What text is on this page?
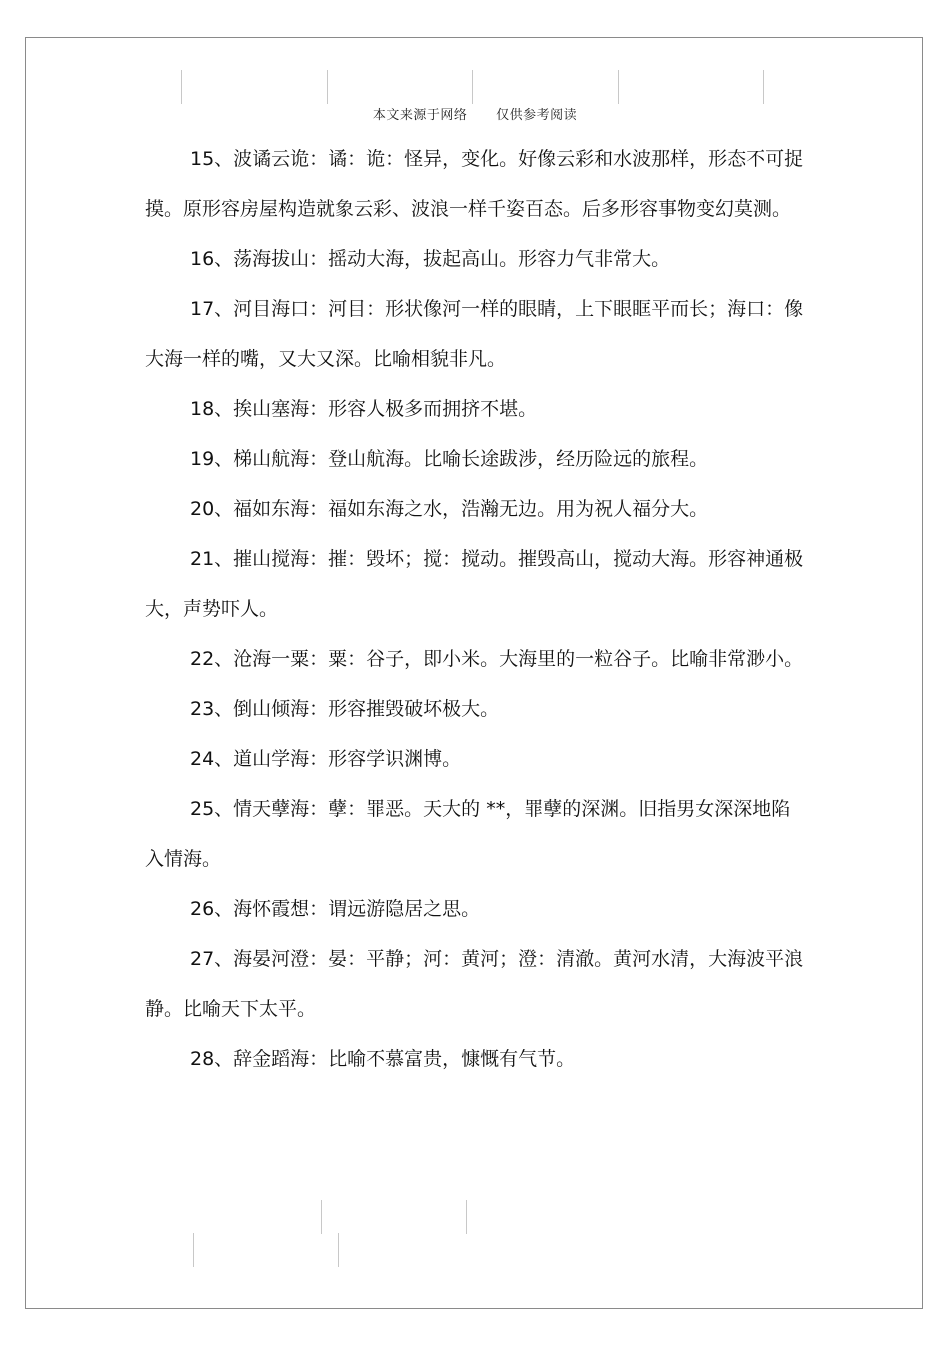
本文来源于网络 仅供参考阅读

15、波谲云诡：谲：诡：怪异，变化。好像云彩和水波那样，形态不可捉摸。原形容房屋构造就象云彩、波浪一样千姿百态。后多形容事物变幻莫测。

16、荡海拔山：摇动大海，拔起高山。形容力气非常大。

17、河目海口：河目：形状像河一样的眼睛，上下眼眶平而长；海口：像大海一样的嘴，又大又深。比喻相貌非凡。

18、挨山塞海：形容人极多而拥挤不堪。

19、梯山航海：登山航海。比喻长途跋涉，经历险远的旅程。

20、福如东海：福如东海之水，浩瀚无边。用为祝人福分大。

21、摧山搅海：摧：毁坏；搅：搅动。摧毁高山，搅动大海。形容神通极大，声势吓人。

22、沧海一粟：粟：谷子，即小米。大海里的一粒谷子。比喻非常渺小。

23、倒山倾海：形容摧毁破坏极大。

24、道山学海：形容学识渊博。

25、情天孽海：孽：罪恶。天大的 **，罪孽的深渊。旧指男女深深地陷入情海。

26、海怀霞想：谓远游隐居之思。

27、海晏河澄：晏：平静；河：黄河；澄：清澈。黄河水清，大海波平浪静。比喻天下太平。

28、辞金蹈海：比喻不慕富贵，慷慨有气节。
